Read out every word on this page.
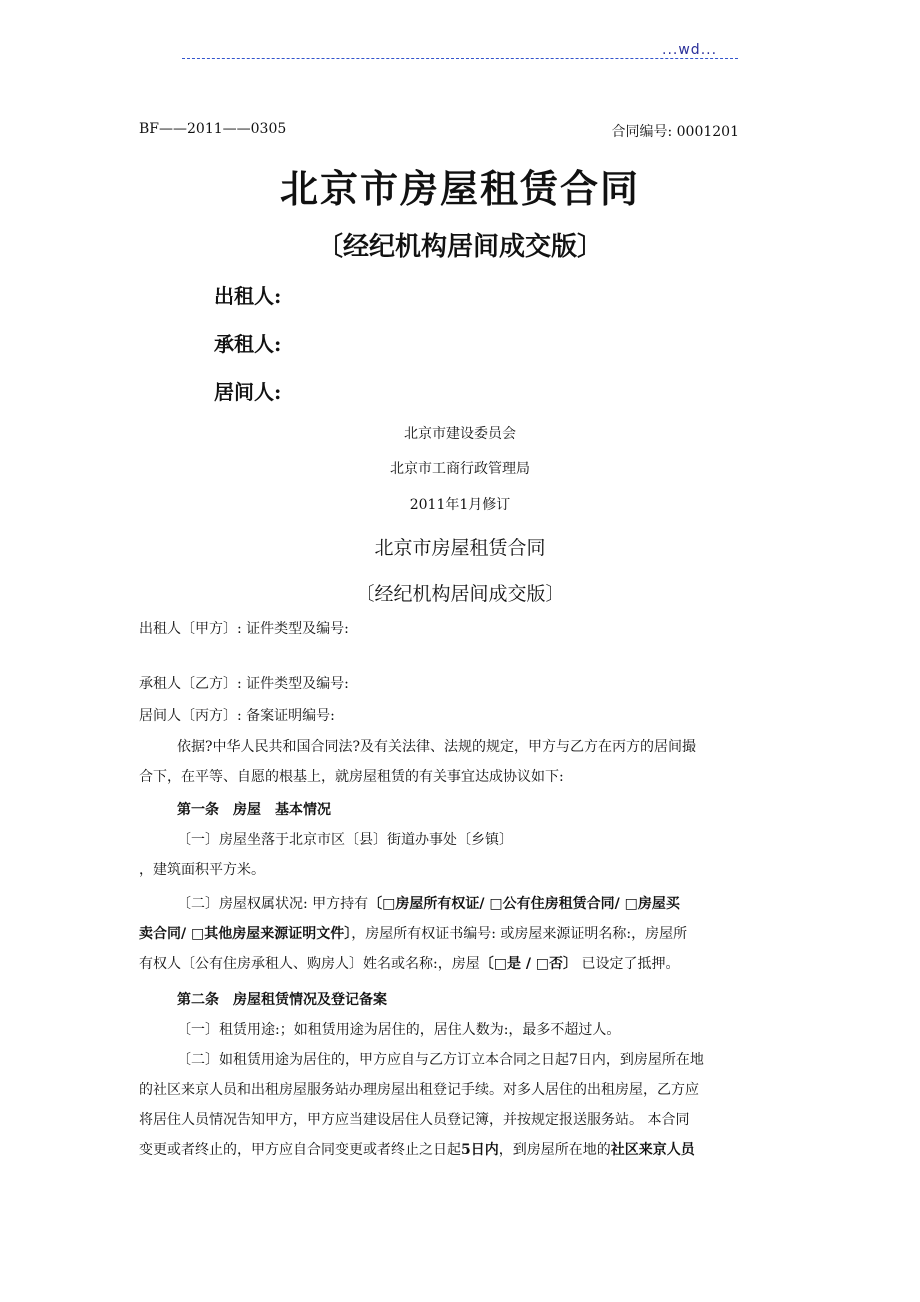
...wd...
BF——2011——0305	合同编号: 0001201
北京市房屋租赁合同
〔经纪机构居间成交版〕
出租人:
承租人:
居间人:
北京市建设委员会
北京市工商行政管理局
2011年1月修订
北京市房屋租赁合同
〔经纪机构居间成交版〕
出租人〔甲方〕: 证件类型及编号:
承租人〔乙方〕: 证件类型及编号:
居间人〔丙方〕: 备案证明编号:
依据?中华人民共和国合同法?及有关法律、法规的规定，甲方与乙方在丙方的居间撮
合下，在平等、自愿的根基上，就房屋租赁的有关事宜达成协议如下:
第一条　房屋　基本情况
〔一〕房屋坐落于北京市区〔县〕街道办事处〔乡镇〕
，建筑面积平方米。
〔二〕房屋权属状况: 甲方持有〔□房屋所有权证/ □公有住房租赁合同/ □房屋买
卖合同/ □其他房屋来源证明文件〕，房屋所有权证书编号: 或房屋来源证明名称:，房屋所
有权人〔公有住房承租人、购房人〕姓名或名称:，房屋〔□是 / □否〕 已设定了抵押。
第二条　房屋租赁情况及登记备案
〔一〕租赁用途:；如租赁用途为居住的，居住人数为:，最多不超过人。
〔二〕如租赁用途为居住的，甲方应自与乙方订立本合同之日起7日内，到房屋所在地
的社区来京人员和出租房屋服务站办理房屋出租登记手续。对多人居住的出租房屋，乙方应
将居住人员情况告知甲方，甲方应当建设居住人员登记簿，并按规定报送服务站。 本合同
变更或者终止的，甲方应自合同变更或者终止之日起5日内，到房屋所在地的社区来京人员
